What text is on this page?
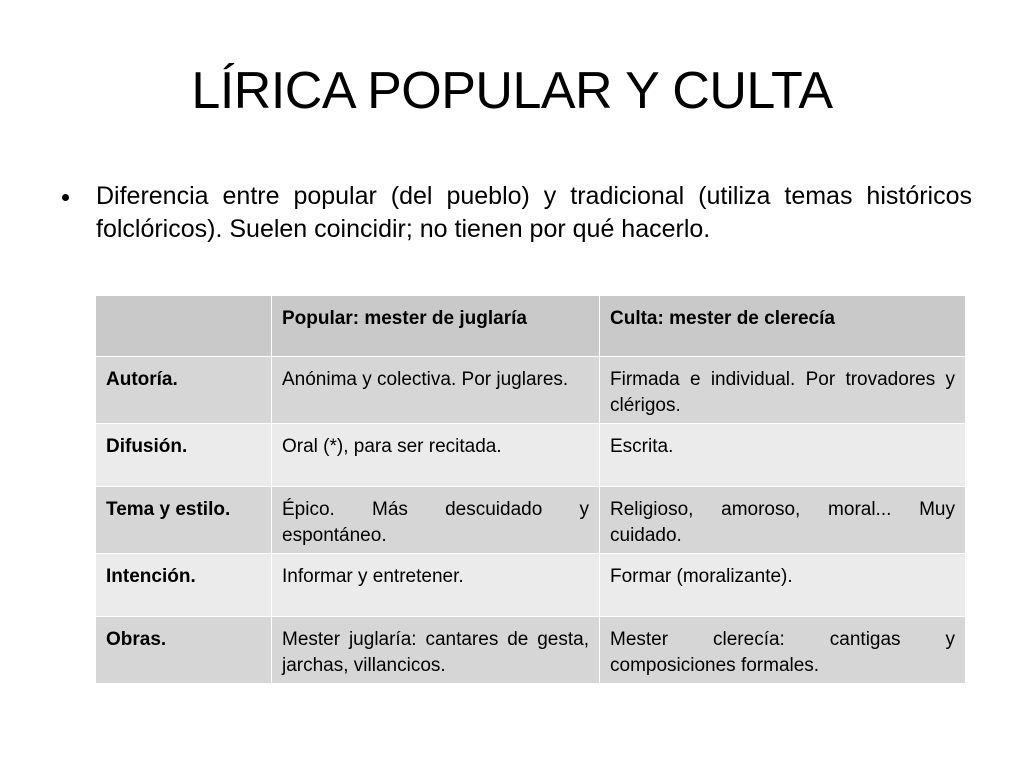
LÍRICA POPULAR Y CULTA
Diferencia entre popular (del pueblo) y tradicional (utiliza temas históricos folclóricos). Suelen coincidir; no tienen por qué hacerlo.
	Popular: mester de juglaría	Culta: mester de clerecía
Autoría.	Anónima y colectiva. Por juglares.	Firmada e individual. Por trovadores y clérigos.
Difusión.	Oral (*), para ser recitada.	Escrita.
Tema y estilo.	Épico. Más descuidado y espontáneo.	Religioso, amoroso, moral... Muy cuidado.
Intención.	Informar y entretener.	Formar (moralizante).
Obras.	Mester juglaría: cantares de gesta, jarchas, villancicos.	Mester clerecía: cantigas y composiciones formales.
